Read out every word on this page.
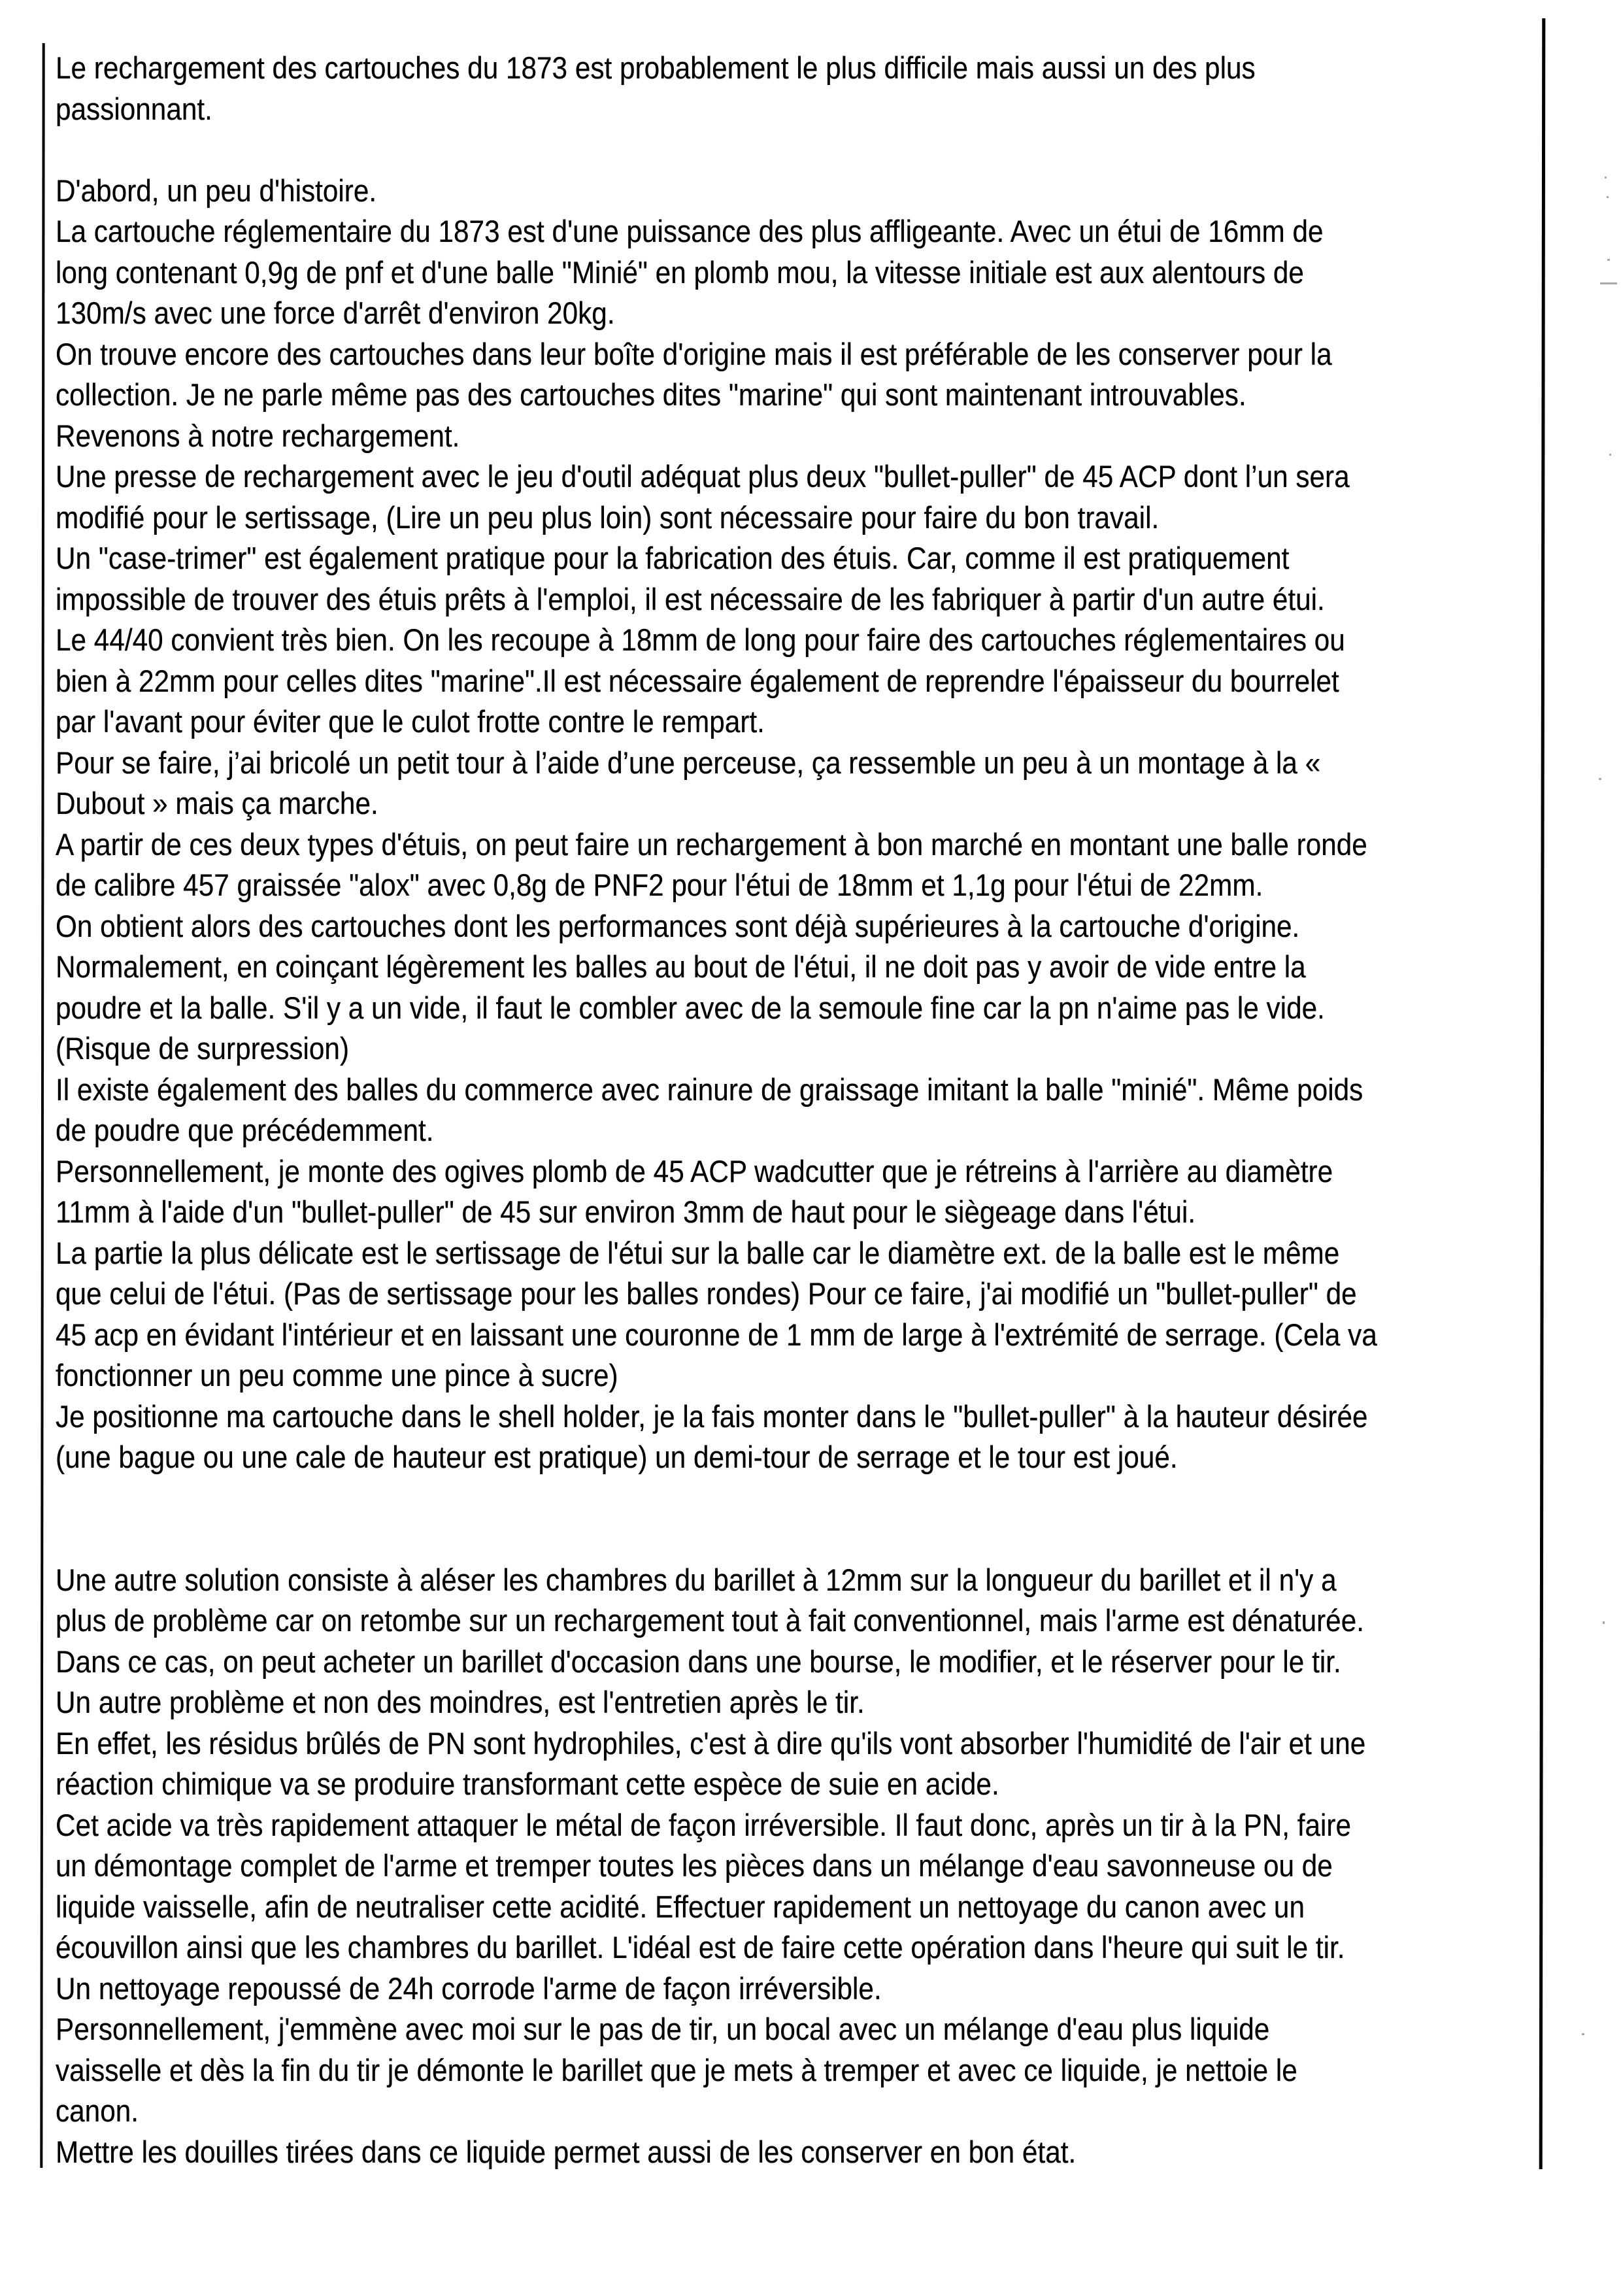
Le rechargement des cartouches du 1873 est probablement le plus difficile mais aussi un des plus
passionnant.

D'abord, un peu d'histoire.
La cartouche réglementaire du 1873 est d'une puissance des plus affligeante. Avec un étui de 16mm de
long contenant 0,9g de pnf et d'une balle "Minié" en plomb mou, la vitesse initiale est aux alentours de
130m/s avec une force d'arrêt d'environ 20kg.
On trouve encore des cartouches dans leur boîte d'origine mais il est préférable de les conserver pour la
collection. Je ne parle même pas des cartouches dites "marine" qui sont maintenant introuvables.
Revenons à notre rechargement.
Une presse de rechargement avec le jeu d'outil adéquat plus deux "bullet-puller" de 45 ACP dont l’un sera
modifié pour le sertissage, (Lire un peu plus loin) sont nécessaire pour faire du bon travail.
Un "case-trimer" est également pratique pour la fabrication des étuis. Car, comme il est pratiquement
impossible de trouver des étuis prêts à l'emploi, il est nécessaire de les fabriquer à partir d'un autre étui.
Le 44/40 convient très bien. On les recoupe à 18mm de long pour faire des cartouches réglementaires ou
bien à 22mm pour celles dites "marine".Il est nécessaire également de reprendre l'épaisseur du bourrelet
par l'avant pour éviter que le culot frotte contre le rempart.
Pour se faire, j’ai bricolé un petit tour à l’aide d’une perceuse, ça ressemble un peu à un montage à la «
Dubout » mais ça marche.
A partir de ces deux types d'étuis, on peut faire un rechargement à bon marché en montant une balle ronde
de calibre 457 graissée "alox" avec 0,8g de PNF2 pour l'étui de 18mm et 1,1g pour l'étui de 22mm.
On obtient alors des cartouches dont les performances sont déjà supérieures à la cartouche d'origine.
Normalement, en coinçant légèrement les balles au bout de l'étui, il ne doit pas y avoir de vide entre la
poudre et la balle. S'il y a un vide, il faut le combler avec de la semoule fine car la pn n'aime pas le vide.
(Risque de surpression)
Il existe également des balles du commerce avec rainure de graissage imitant la balle "minié". Même poids
de poudre que précédemment.
Personnellement, je monte des ogives plomb de 45 ACP wadcutter que je rétreins à l'arrière au diamètre
11mm à l'aide d'un "bullet-puller" de 45 sur environ 3mm de haut pour le siègeage dans l'étui.
La partie la plus délicate est le sertissage de l'étui sur la balle car le diamètre ext. de la balle est le même
que celui de l'étui. (Pas de sertissage pour les balles rondes) Pour ce faire, j'ai modifié un "bullet-puller" de
45 acp en évidant l'intérieur et en laissant une couronne de 1 mm de large à l'extrémité de serrage. (Cela va
fonctionner un peu comme une pince à sucre)
Je positionne ma cartouche dans le shell holder, je la fais monter dans le "bullet-puller" à la hauteur désirée
(une bague ou une cale de hauteur est pratique) un demi-tour de serrage et le tour est joué.

Une autre solution consiste à aléser les chambres du barillet à 12mm sur la longueur du barillet et il n'y a
plus de problème car on retombe sur un rechargement tout à fait conventionnel, mais l'arme est dénaturée.
Dans ce cas, on peut acheter un barillet d'occasion dans une bourse, le modifier, et le réserver pour le tir.
Un autre problème et non des moindres, est l'entretien après le tir.
En effet, les résidus brûlés de PN sont hydrophiles, c'est à dire qu'ils vont absorber l'humidité de l'air et une
réaction chimique va se produire transformant cette espèce de suie en acide.
Cet acide va très rapidement attaquer le métal de façon irréversible. Il faut donc, après un tir à la PN, faire
un démontage complet de l'arme et tremper toutes les pièces dans un mélange d'eau savonneuse ou de
liquide vaisselle, afin de neutraliser cette acidité. Effectuer rapidement un nettoyage du canon avec un
écouvillon ainsi que les chambres du barillet. L'idéal est de faire cette opération dans l'heure qui suit le tir.
Un nettoyage repoussé de 24h corrode l'arme de façon irréversible.
Personnellement, j'emmène avec moi sur le pas de tir, un bocal avec un mélange d'eau plus liquide
vaisselle et dès la fin du tir je démonte le barillet que je mets à tremper et avec ce liquide, je nettoie le
canon.
Mettre les douilles tirées dans ce liquide permet aussi de les conserver en bon état.
